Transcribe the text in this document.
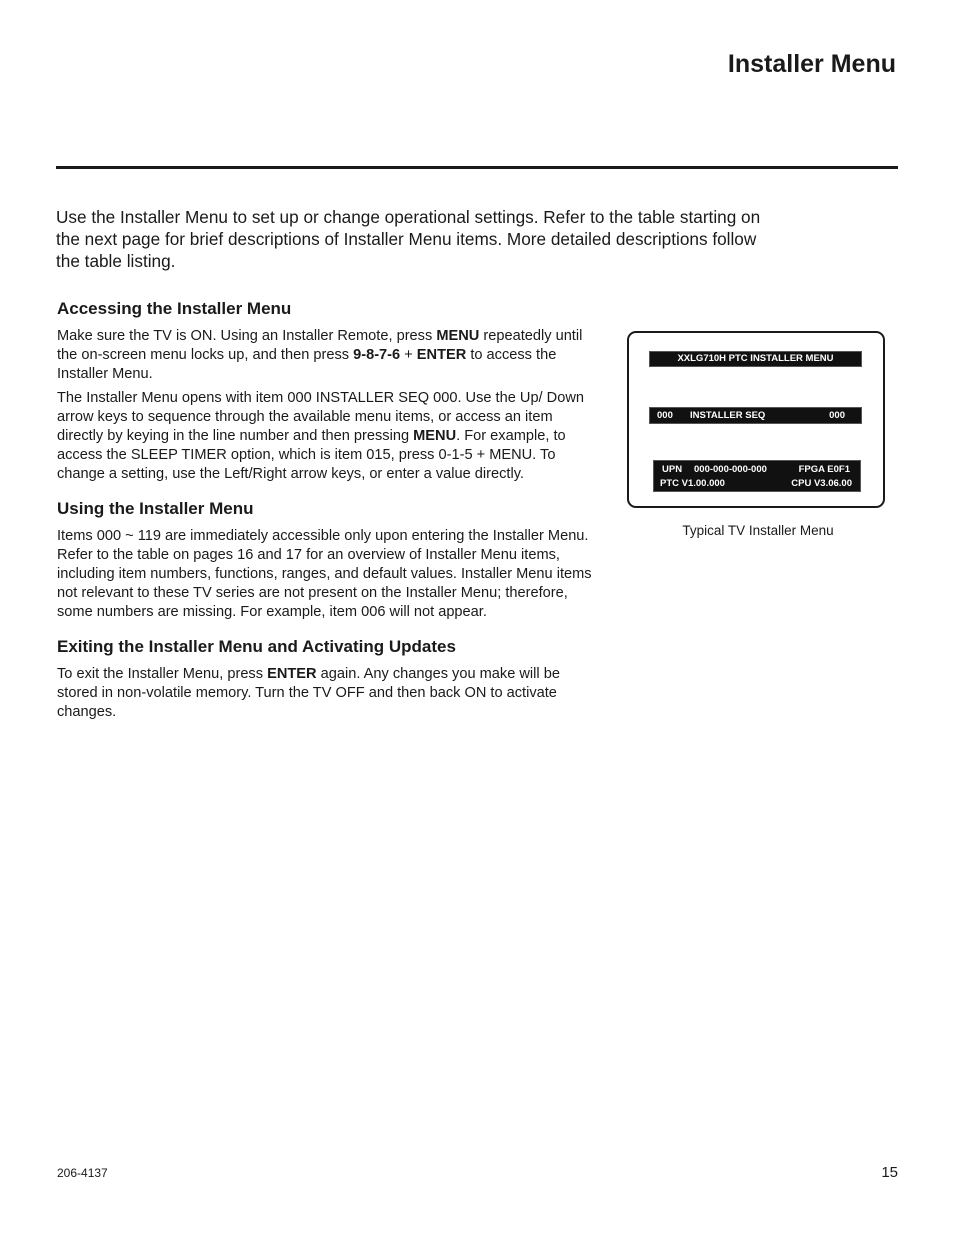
Installer Menu

Use the Installer Menu to set up or change operational settings. Refer to the table starting on the next page for brief descriptions of Installer Menu items. More detailed descriptions follow the table listing.

Accessing the Installer Menu

Make sure the TV is ON. Using an Installer Remote, press MENU repeatedly until the on-screen menu locks up, and then press 9-8-7-6 + ENTER to access the Installer Menu.

The Installer Menu opens with item 000 INSTALLER SEQ 000. Use the Up/ Down arrow keys to sequence through the available menu items, or access an item directly by keying in the line number and then pressing MENU. For example, to access the SLEEP TIMER option, which is item 015, press 0-1-5 + MENU. To change a setting, use the Left/Right arrow keys, or enter a value directly.

Using the Installer Menu

Items 000 ~ 119 are immediately accessible only upon entering the Installer Menu. Refer to the table on pages 16 and 17 for an overview of Installer Menu items, including item numbers, functions, ranges, and default values. Installer Menu items not relevant to these TV series are not present on the Installer Menu; therefore, some numbers are missing. For example, item 006 will not appear.

Exiting the Installer Menu and Activating Updates

To exit the Installer Menu, press ENTER again. Any changes you make will be stored in non-volatile memory. Turn the TV OFF and then back ON to activate changes.

XXLG710H PTC INSTALLER MENU
000 INSTALLER SEQ	000
UPN 000-000-000-000	FPGA E0F1
PTC V1.00.000	CPU V3.06.00

Typical TV Installer Menu

206-4137	15
